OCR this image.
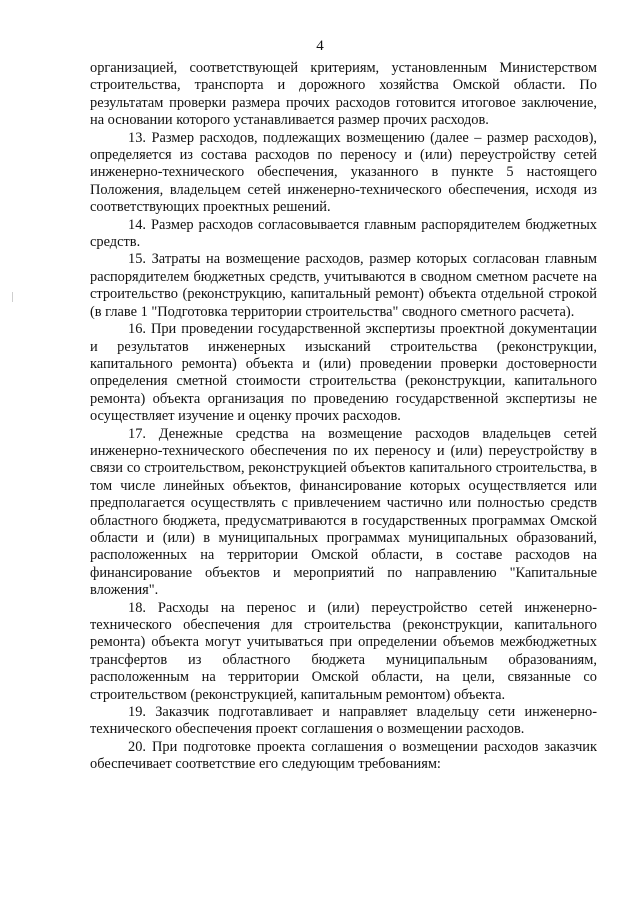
4

организацией, соответствующей критериям, установленным Министерством строительства, транспорта и дорожного хозяйства Омской области. По результатам проверки размера прочих расходов готовится итоговое заключение, на основании которого устанавливается размер прочих расходов.

13. Размер расходов, подлежащих возмещению (далее – размер расходов), определяется из состава расходов по переносу и (или) переустройству сетей инженерно-технического обеспечения, указанного в пункте 5 настоящего Положения, владельцем сетей инженерно-технического обеспечения, исходя из соответствующих проектных решений.

14. Размер расходов согласовывается главным распорядителем бюджетных средств.

15. Затраты на возмещение расходов, размер которых согласован главным распорядителем бюджетных средств, учитываются в сводном сметном расчете на строительство (реконструкцию, капитальный ремонт) объекта отдельной строкой (в главе 1 "Подготовка территории строительства" сводного сметного расчета).

16. При проведении государственной экспертизы проектной документации и результатов инженерных изысканий строительства (реконструкции, капитального ремонта) объекта и (или) проведении проверки достоверности определения сметной стоимости строительства (реконструкции, капитального ремонта) объекта организация по проведению государственной экспертизы не осуществляет изучение и оценку прочих расходов.

17. Денежные средства на возмещение расходов владельцев сетей инженерно-технического обеспечения по их переносу и (или) переустройству в связи со строительством, реконструкцией объектов капитального строительства, в том числе линейных объектов, финансирование которых осуществляется или предполагается осуществлять с привлечением частично или полностью средств областного бюджета, предусматриваются в государственных программах Омской области и (или) в муниципальных программах муниципальных образований, расположенных на территории Омской области, в составе расходов на финансирование объектов и мероприятий по направлению "Капитальные вложения".

18. Расходы на перенос и (или) переустройство сетей инженерно-технического обеспечения для строительства (реконструкции, капитального ремонта) объекта могут учитываться при определении объемов межбюджетных трансфертов из областного бюджета муниципальным образованиям, расположенным на территории Омской области, на цели, связанные со строительством (реконструкцией, капитальным ремонтом) объекта.

19. Заказчик подготавливает и направляет владельцу сети инженерно-технического обеспечения проект соглашения о возмещении расходов.

20. При подготовке проекта соглашения о возмещении расходов заказчик обеспечивает соответствие его следующим требованиям:
